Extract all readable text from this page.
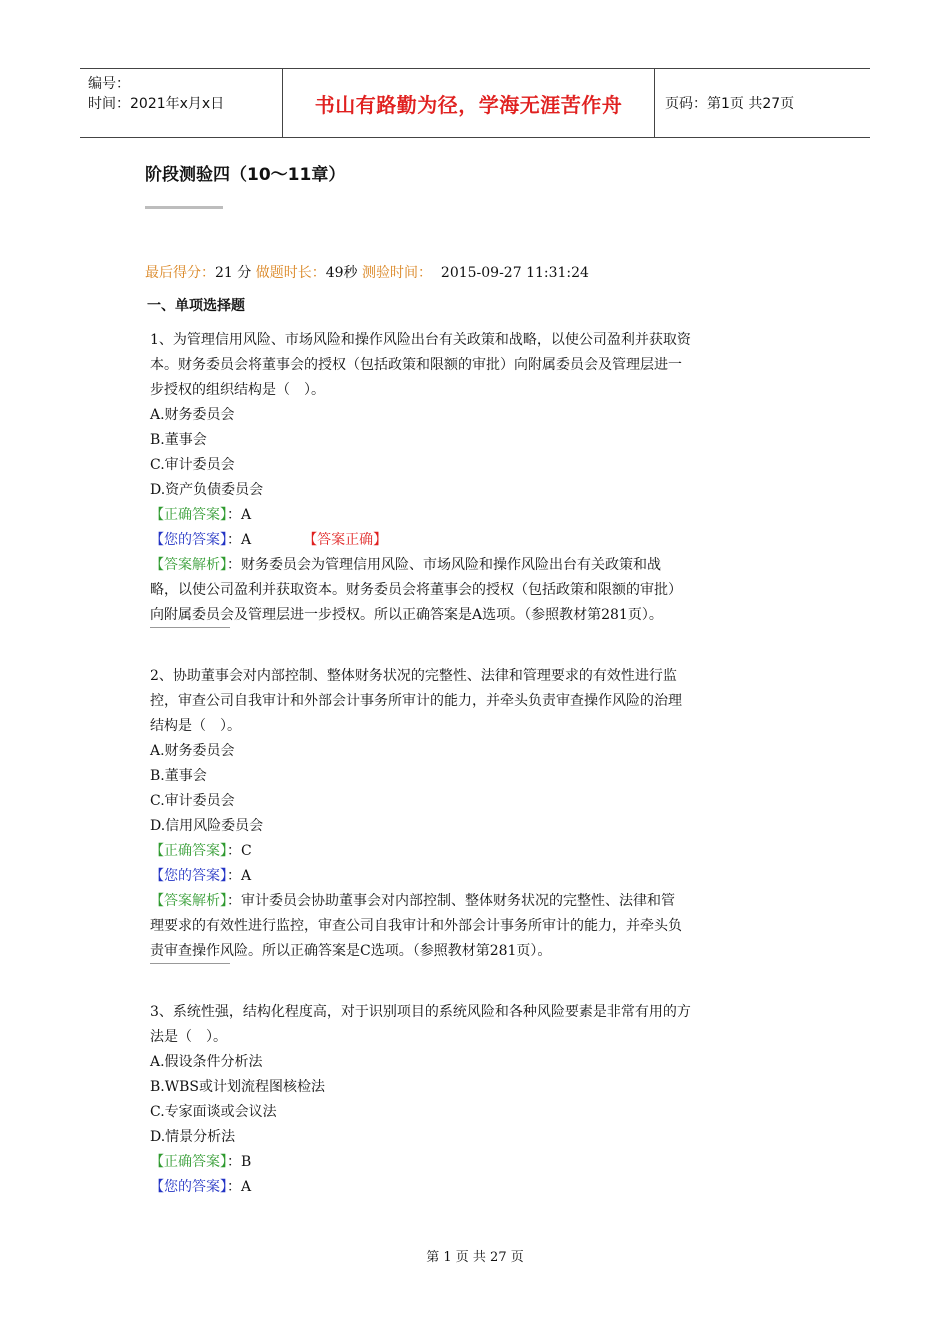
编号：
时间：2021年x月x日	书山有路勤为径，学海无涯苦作舟	页码：第1页 共27页
阶段测验四（10～11章）
最后得分：21 分 做题时长：49秒 测验时间： 2015-09-27 11:31:24
一、单项选择题

1、为管理信用风险、市场风险和操作风险出台有关政策和战略，以使公司盈利并获取资

本。财务委员会将董事会的授权（包括政策和限额的审批）向附属委员会及管理层进一

步授权的组织结构是（　）。

A.财务委员会

B.董事会

C.审计委员会

D.资产负债委员会

【正确答案】：A

【您的答案】：A	【答案正确】

【答案解析】：财务委员会为管理信用风险、市场风险和操作风险出台有关政策和战

略，以使公司盈利并获取资本。财务委员会将董事会的授权（包括政策和限额的审批）

向附属委员会及管理层进一步授权。所以正确答案是A选项。（参照教材第281页）。

2、协助董事会对内部控制、整体财务状况的完整性、法律和管理要求的有效性进行监

控，审查公司自我审计和外部会计事务所审计的能力，并牵头负责审查操作风险的治理

结构是（　）。

A.财务委员会

B.董事会

C.审计委员会

D.信用风险委员会

【正确答案】：C

【您的答案】：A

【答案解析】：审计委员会协助董事会对内部控制、整体财务状况的完整性、法律和管

理要求的有效性进行监控，审查公司自我审计和外部会计事务所审计的能力，并牵头负

责审查操作风险。所以正确答案是C选项。（参照教材第281页）。

3、系统性强，结构化程度高，对于识别项目的系统风险和各种风险要素是非常有用的方

法是（　）。

A.假设条件分析法

B.WBS或计划流程图核检法

C.专家面谈或会议法

D.情景分析法

【正确答案】：B

【您的答案】：A

第 1 页 共 27 页
